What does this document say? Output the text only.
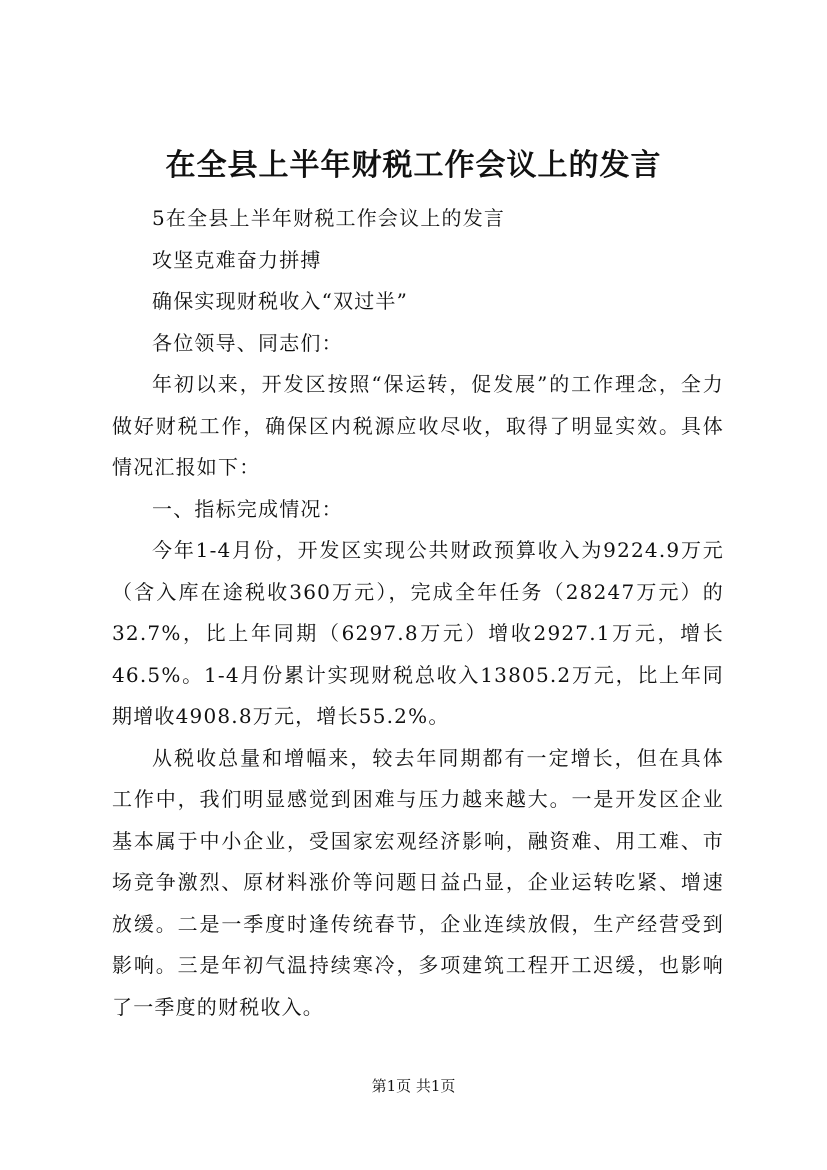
在全县上半年财税工作会议上的发言

5在全县上半年财税工作会议上的发言

攻坚克难奋力拼搏

确保实现财税收入“双过半”

各位领导、同志们：

年初以来，开发区按照“保运转，促发展”的工作理念，全力做好财税工作，确保区内税源应收尽收，取得了明显实效。具体情况汇报如下：

一、指标完成情况：

今年1-4月份，开发区实现公共财政预算收入为9224.9万元（含入库在途税收360万元），完成全年任务（28247万元）的32.7%，比上年同期（6297.8万元）增收2927.1万元，增长46.5%。1-4月份累计实现财税总收入13805.2万元，比上年同期增收4908.8万元，增长55.2%。

从税收总量和增幅来，较去年同期都有一定增长，但在具体工作中，我们明显感觉到困难与压力越来越大。一是开发区企业基本属于中小企业，受国家宏观经济影响，融资难、用工难、市场竞争激烈、原材料涨价等问题日益凸显，企业运转吃紧、增速放缓。二是一季度时逢传统春节，企业连续放假，生产经营受到影响。三是年初气温持续寒冷，多项建筑工程开工迟缓，也影响了一季度的财税收入。

第1页 共1页
